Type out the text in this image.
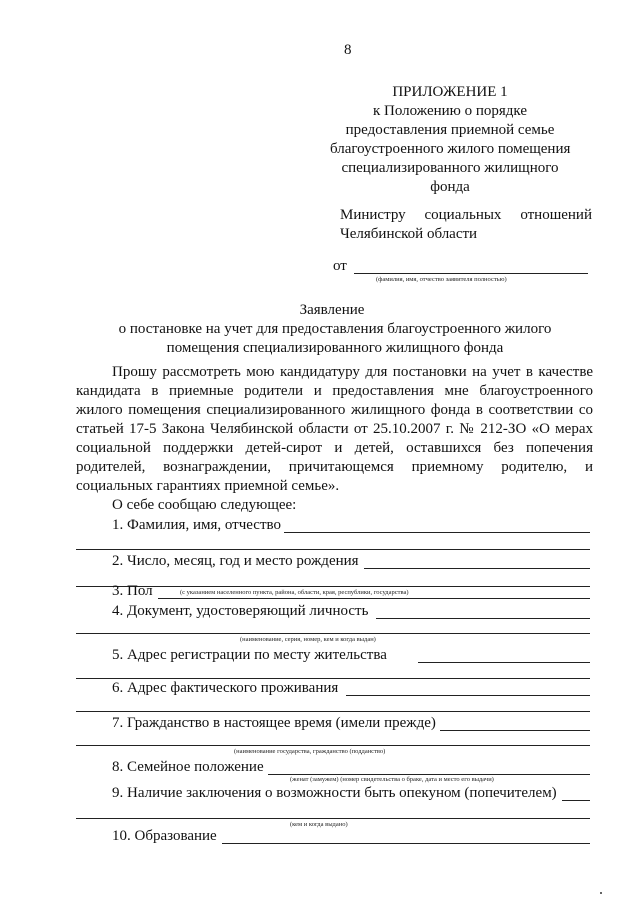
8
ПРИЛОЖЕНИЕ 1
к Положению о порядке
предоставления приемной семье
благоустроенного жилого помещения
специализированного жилищного
фонда
Министру социальных отношений
Челябинской области
от
(фамилия, имя, отчество заявителя полностью)
Заявление
о постановке на учет для предоставления благоустроенного жилого
помещения специализированного жилищного фонда
Прошу рассмотреть мою кандидатуру для постановки на учет в качестве
кандидата в приемные родители и предоставления мне благоустроенного
жилого помещения специализированного жилищного фонда в соответствии со
статьей 17-5 Закона Челябинской области от 25.10.2007 г. № 212-ЗО «О мерах
социальной поддержки детей-сирот и детей, оставшихся без попечения
родителей, вознаграждении, причитающемся приемному родителю, и
социальных гарантиях приемной семье».
О себе сообщаю следующее:
1. Фамилия, имя, отчество
2. Число, месяц, год и место рождения
(с указанием населенного пункта, района, области, края, республики, государства)
3. Пол
4. Документ, удостоверяющий личность
(наименование, серия, номер, кем и когда выдан)
5. Адрес регистрации по месту жительства
6. Адрес фактического проживания
7. Гражданство в настоящее время (имели прежде)
(наименование государства, гражданство (подданство)
8. Семейное положение
(женат (замужем) (номер свидетельства о браке, дата и место его выдачи)
9. Наличие заключения о возможности быть опекуном (попечителем)
(кем и когда выдано)
10. Образование
